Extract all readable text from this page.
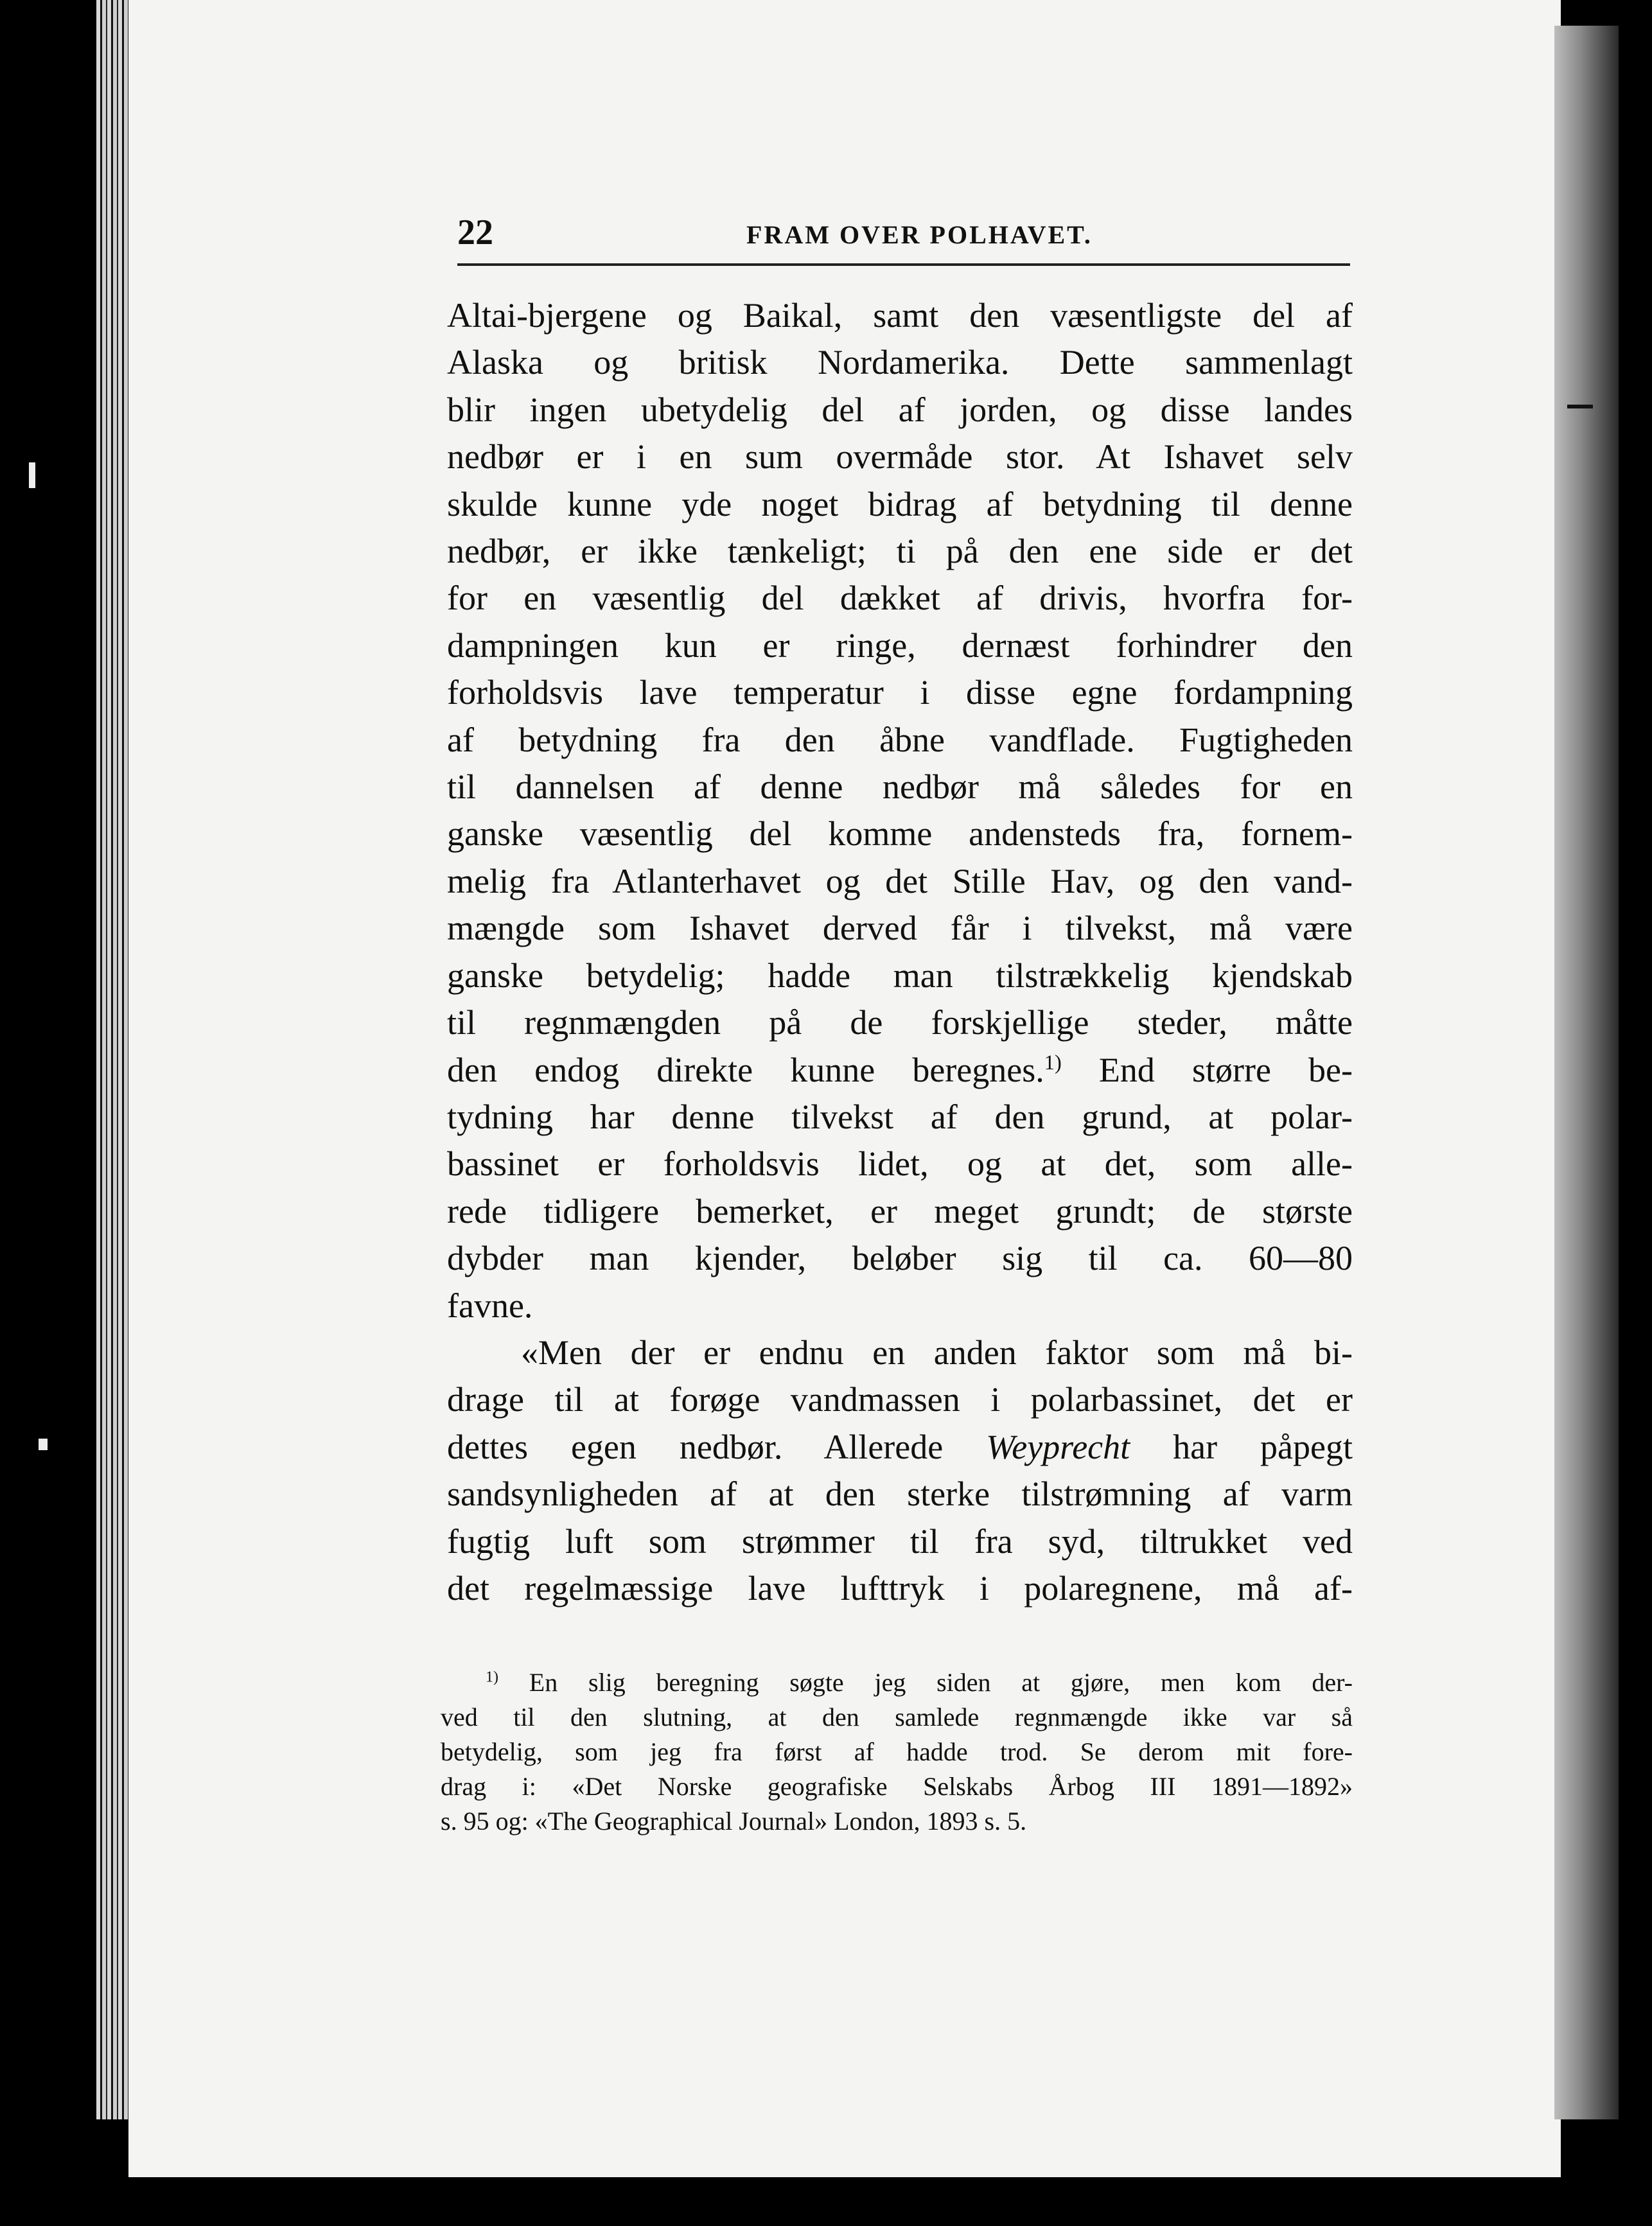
22	FRAM OVER POLHAVET.
Altai-bjergene og Baikal, samt den væsentligste del af
Alaska og britisk Nordamerika. Dette sammenlagt
blir ingen ubetydelig del af jorden, og disse landes
nedbør er i en sum overmåde stor. At Ishavet selv
skulde kunne yde noget bidrag af betydning til denne
nedbør, er ikke tænkeligt; ti på den ene side er det
for en væsentlig del dækket af drivis, hvorfra for-
dampningen kun er ringe, dernæst forhindrer den
forholdsvis lave temperatur i disse egne fordampning
af betydning fra den åbne vandflade. Fugtigheden
til dannelsen af denne nedbør må således for en
ganske væsentlig del komme andensteds fra, fornem-
melig fra Atlanterhavet og det Stille Hav, og den vand-
mængde som Ishavet derved får i tilvekst, må være
ganske betydelig; hadde man tilstrækkelig kjendskab
til regnmængden på de forskjellige steder, måtte
den endog direkte kunne beregnes.$^{1)}$ End større be-
tydning har denne tilvekst af den grund, at polar-
bassinet er forholdsvis lidet, og at det, som alle-
rede tidligere bemerket, er meget grundt; de største
dybder man kjender, beløber sig til ca. 60—80
favne.
«Men der er endnu en anden faktor som må bi-
drage til at forøge vandmassen i polarbassinet, det er
dettes egen nedbør. Allerede Weyprecht har påpegt
sandsynligheden af at den sterke tilstrømning af varm
fugtig luft som strømmer til fra syd, tiltrukket ved
det regelmæssige lave lufttryk i polaregnene, må af-
$^{1)}$ En slig beregning søgte jeg siden at gjøre, men kom der-
ved til den slutning, at den samlede regnmængde ikke var så
betydelig, som jeg fra først af hadde trod. Se derom mit fore-
drag i: «Det Norske geografiske Selskabs Årbog III 1891—1892»
s. 95 og: «The Geographical Journal» London, 1893 s. 5.
